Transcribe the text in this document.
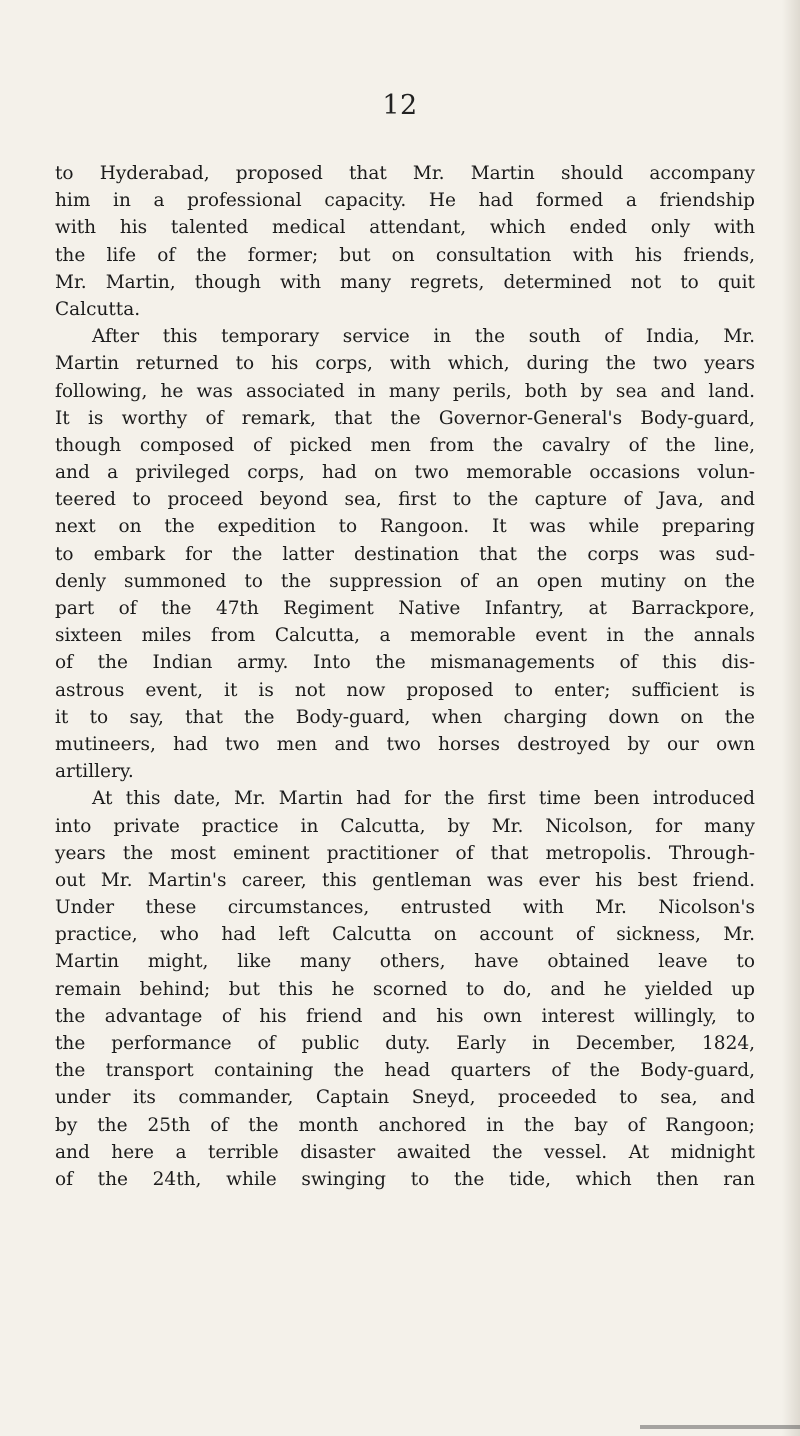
12
to Hyderabad, proposed that Mr. Martin should accompany
him in a professional capacity. He had formed a friendship
with his talented medical attendant, which ended only with
the life of the former; but on consultation with his friends,
Mr. Martin, though with many regrets, determined not to quit
Calcutta.
After this temporary service in the south of India, Mr.
Martin returned to his corps, with which, during the two years
following, he was associated in many perils, both by sea and land.
It is worthy of remark, that the Governor-General's Body-guard,
though composed of picked men from the cavalry of the line,
and a privileged corps, had on two memorable occasions volun-
teered to proceed beyond sea, first to the capture of Java, and
next on the expedition to Rangoon. It was while preparing
to embark for the latter destination that the corps was sud-
denly summoned to the suppression of an open mutiny on the
part of the 47th Regiment Native Infantry, at Barrackpore,
sixteen miles from Calcutta, a memorable event in the annals
of the Indian army. Into the mismanagements of this dis-
astrous event, it is not now proposed to enter; sufficient is
it to say, that the Body-guard, when charging down on the
mutineers, had two men and two horses destroyed by our own
artillery.
At this date, Mr. Martin had for the first time been introduced
into private practice in Calcutta, by Mr. Nicolson, for many
years the most eminent practitioner of that metropolis. Through-
out Mr. Martin's career, this gentleman was ever his best friend.
Under these circumstances, entrusted with Mr. Nicolson's
practice, who had left Calcutta on account of sickness, Mr.
Martin might, like many others, have obtained leave to
remain behind; but this he scorned to do, and he yielded up
the advantage of his friend and his own interest willingly, to
the performance of public duty. Early in December, 1824,
the transport containing the head quarters of the Body-guard,
under its commander, Captain Sneyd, proceeded to sea, and
by the 25th of the month anchored in the bay of Rangoon;
and here a terrible disaster awaited the vessel. At midnight
of the 24th, while swinging to the tide, which then ran
